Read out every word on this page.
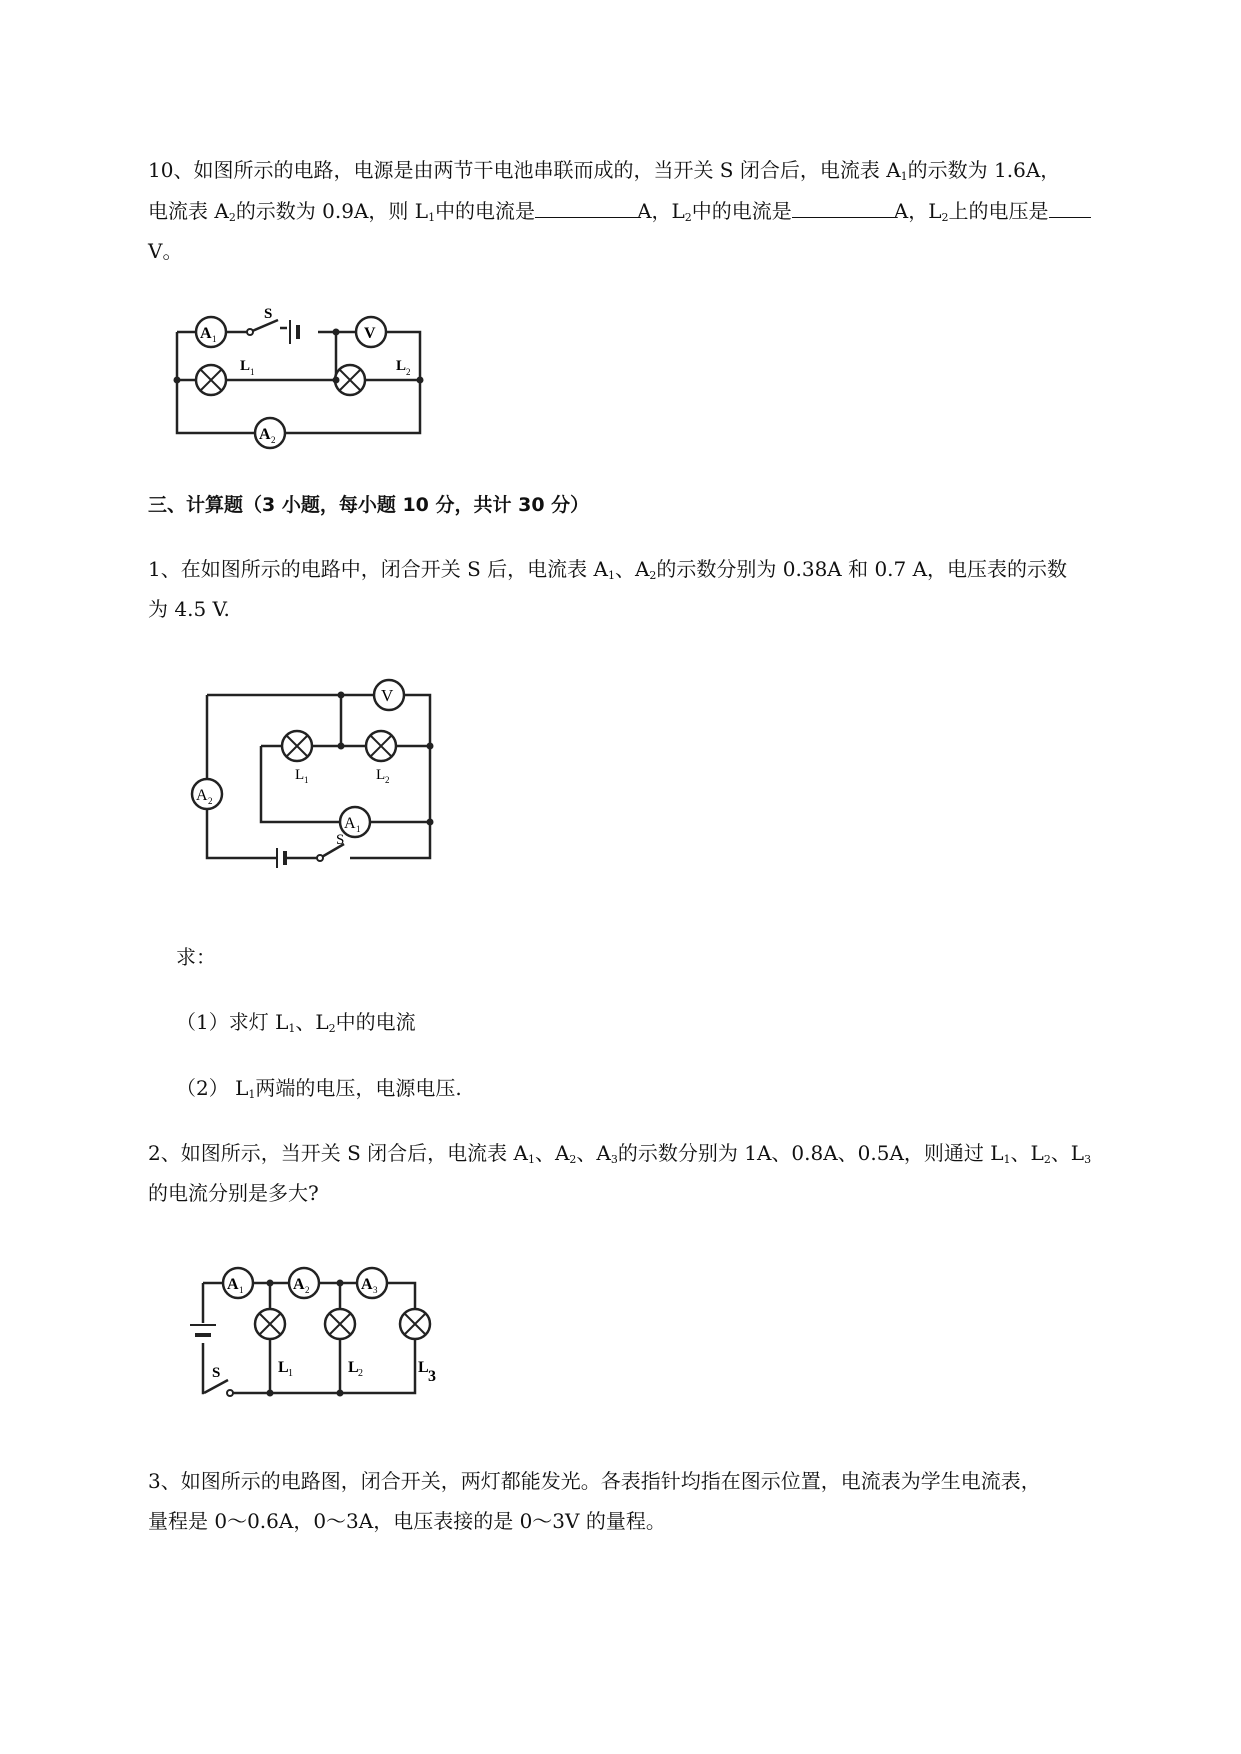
10、如图所示的电路，电源是由两节干电池串联而成的，当开关 S 闭合后，电流表 $A_1$的示数为 1.6A，
电流表 $A_2$的示数为 0.9A，则 $L_1$中的电流是	A，$L_2$中的电流是	A，$L_2$上的电压是
V。
A 1	V
A 2
S
L 1	L 2
三、计算题（3 小题，每小题 10 分，共计 30 分）
1、在如图所示的电路中，闭合开关 S 后，电流表 $A_1$、$A_2$的示数分别为 0.38A 和 0.7 A，电压表的示数
为 4.5 V.
V
A 2
A 1
L 1	L 2
S
求：
（1）求灯 $L_1$、$L_2$中的电流
（2） $L_1$两端的电压，电源电压.
2、如图所示，当开关 S 闭合后，电流表 $A_1$、$A_2$、$A_3$的示数分别为 1A、0.8A、0.5A，则通过 $L_1$、$L_2$、$L_3$
的电流分别是多大?
A 1	A 2	A 3
S	L 1	L 2	L
3
3、如图所示的电路图，闭合开关，两灯都能发光。各表指针均指在图示位置，电流表为学生电流表，
量程是 0～0.6A，0～3A，电压表接的是 0～3V 的量程。
